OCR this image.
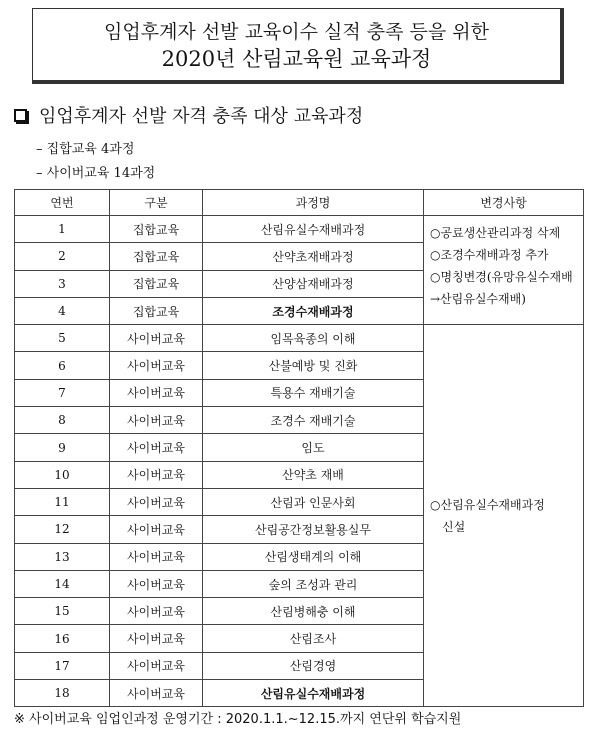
임업후계자 선발 교육이수 실적 충족 등을 위한
2020년 산림교육원 교육과정
임업후계자 선발 자격 충족 대상 교육과정
– 집합교육 4과정
– 사이버교육 14과정
연번	구분	과정명	변경사항
1	집합교육	산림유실수재배과정	○공료생산관리과정 삭제
○조경수재배과정 추가
○명칭변경(유망유실수재배
→산림유실수재배)

2	집합교육	산약초재배과정	
3	집합교육	산양삼재배과정	
4	집합교육	조경수재배과정	
5	사이버교육	임목육종의 이해	○산림유실수재배과정
신설

6	사이버교육	산불예방 및 진화	
7	사이버교육	특용수 재배기술	
8	사이버교육	조경수 재배기술	
9	사이버교육	임도	
10	사이버교육	산약초 재배	
11	사이버교육	산림과 인문사회	
12	사이버교육	산림공간정보활용실무	
13	사이버교육	산림생태계의 이해	
14	사이버교육	숲의 조성과 관리	
15	사이버교육	산림병해충 이해	
16	사이버교육	산림조사	
17	사이버교육	산림경영	
18	사이버교육	산림유실수재배과정	
※ 사이버교육 임업인과정 운영기간 : 2020.1.1.~12.15.까지 연단위 학습지원
